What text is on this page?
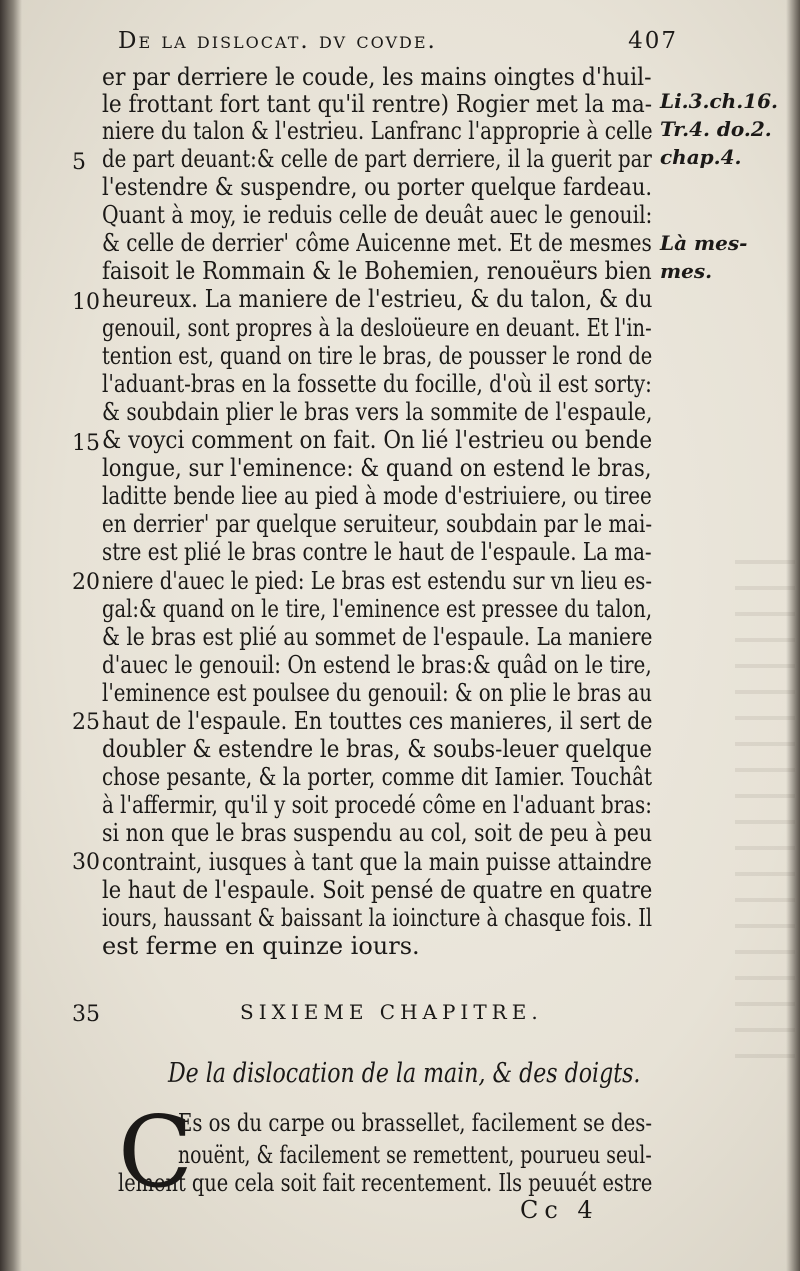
De la dislocat. dv covde.	407
er par derriere le coude, les mains oingtes d'huil-
le frottant fort tant qu'il rentre) Rogier met la ma-
niere du talon & l'estrieu. Lanfranc l'approprie à celle
de part deuant:& celle de part derriere, il la guerit par
l'estendre & suspendre, ou porter quelque fardeau.
Quant à moy, ie reduis celle de deuât auec le genouil:
& celle de derrier' côme Auicenne met. Et de mesmes
faisoit le Rommain & le Bohemien, renouëurs bien
heureux. La maniere de l'estrieu, & du talon, & du
genouil, sont propres à la desloüeure en deuant. Et l'in-
tention est, quand on tire le bras, de pousser le rond de
l'aduant-bras en la fossette du focille, d'où il est sorty:
& soubdain plier le bras vers la sommite de l'espaule,
& voyci comment on fait. On lié l'estrieu ou bende
longue, sur l'eminence: & quand on estend le bras,
laditte bende liee au pied à mode d'estriuiere, ou tiree
en derrier' par quelque seruiteur, soubdain par le mai-
stre est plié le bras contre le haut de l'espaule. La ma-
niere d'auec le pied: Le bras est estendu sur vn lieu es-
gal:& quand on le tire, l'eminence est pressee du talon,
& le bras est plié au sommet de l'espaule. La maniere
d'auec le genouil: On estend le bras:& quâd on le tire,
l'eminence est poulsee du genouil: & on plie le bras au
haut de l'espaule. En touttes ces manieres, il sert de
doubler & estendre le bras, & soubs-leuer quelque
chose pesante, & la porter, comme dit Iamier. Touchât
à l'affermir, qu'il y soit procedé côme en l'aduant bras:
si non que le bras suspendu au col, soit de peu à peu
contraint, iusques à tant que la main puisse attaindre
le haut de l'espaule. Soit pensé de quatre en quatre
iours, haussant & baissant la ioincture à chasque fois. Il
est ferme en quinze iours.
5
10
15
20
25
30
35
Li.3.ch.16.
Tr.4. do.2.
chap.4.
Là mes-
mes.
SIXIEME CHAPITRE.
De la dislocation de la main, & des doigts.
C
Es os du carpe ou brassellet, facilement se des-
nouënt, & facilement se remettent, pourueu seul-
lement que cela soit fait recentement. Ils peuuét estre
Cc 4
